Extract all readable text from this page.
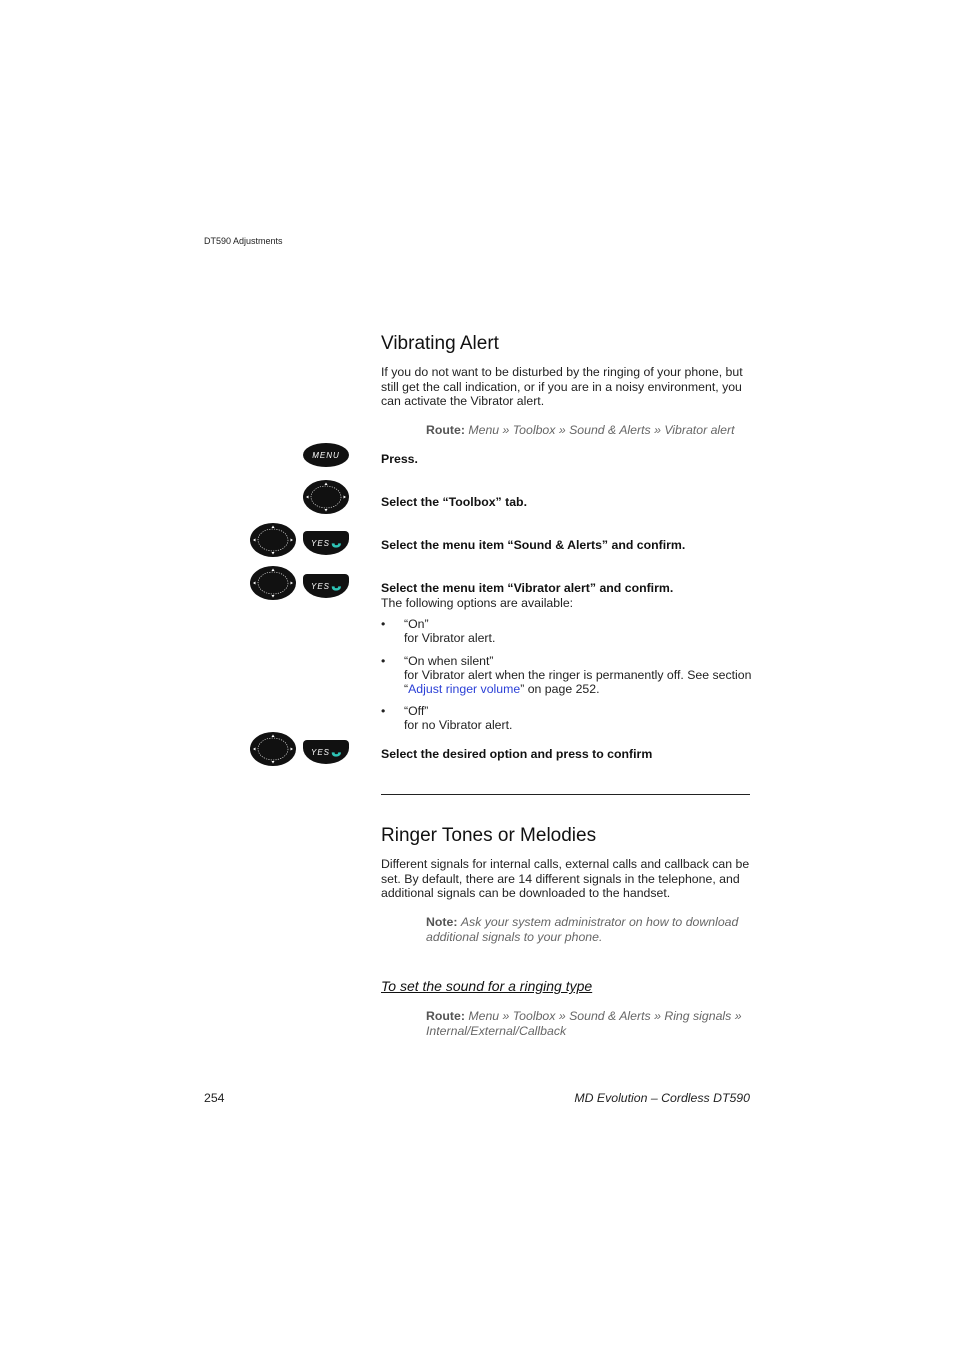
DT590 Adjustments
Vibrating Alert
If you do not want to be disturbed by the ringing of your phone, but
still get the call indication, or if you are in a noisy environment, you
can activate the Vibrator alert.
Route: Menu » Toolbox » Sound & Alerts » Vibrator alert
MENU	Press.
Select the “Toolbox” tab.
YES	Select the menu item “Sound & Alerts” and confirm.
YES	Select the menu item “Vibrator alert” and confirm.
The following options are available:
• “On”
for Vibrator alert.
• “On when silent”
for Vibrator alert when the ringer is permanently off. See section
“Adjust ringer volume” on page 252.
• “Off”
for no Vibrator alert.
YES	Select the desired option and press to confirm
Ringer Tones or Melodies
Different signals for internal calls, external calls and callback can be
set. By default, there are 14 different signals in the telephone, and
additional signals can be downloaded to the handset.
Note: Ask your system administrator on how to download
additional signals to your phone.
To set the sound for a ringing type
Route: Menu » Toolbox » Sound & Alerts » Ring signals »
Internal/External/Callback
254	MD Evolution – Cordless DT590
